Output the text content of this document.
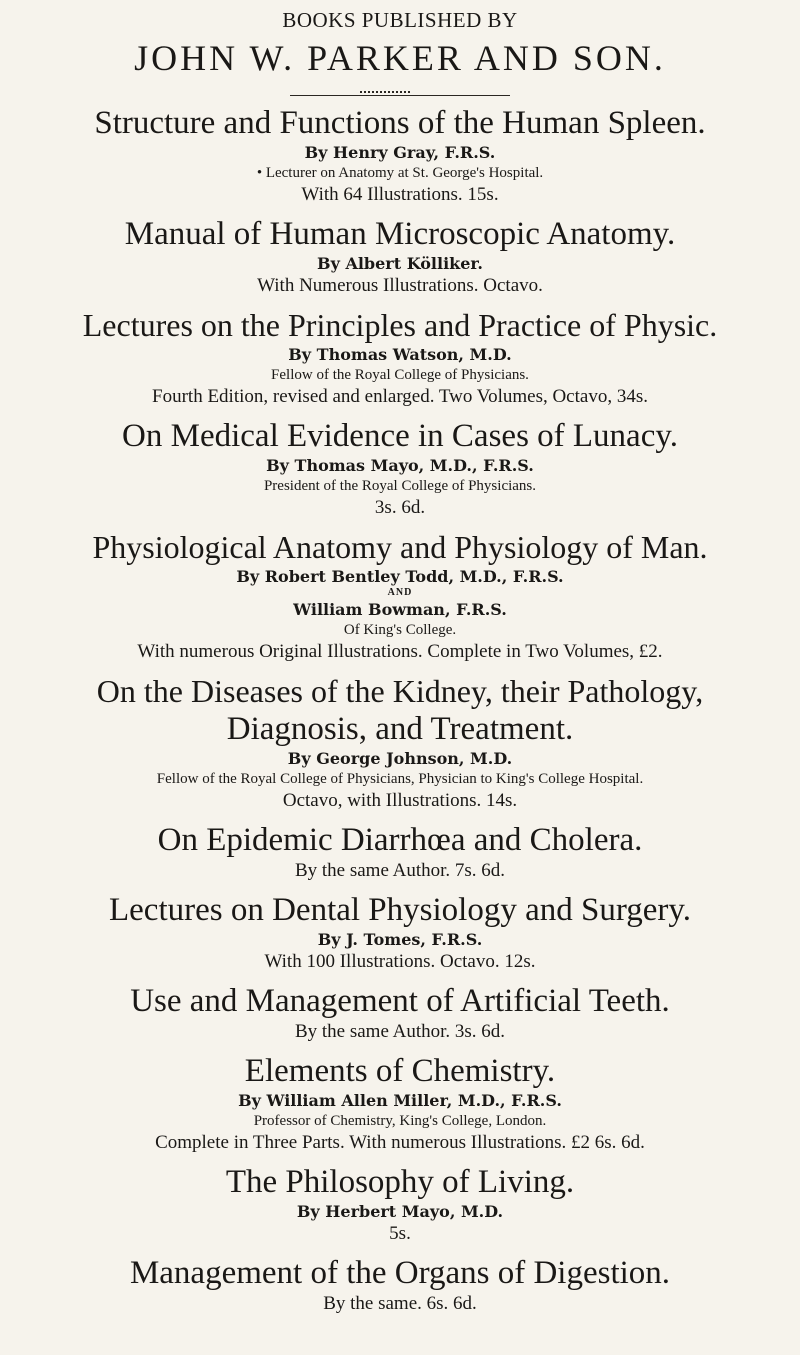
BOOKS PUBLISHED BY
JOHN W. PARKER AND SON.
Structure and Functions of the Human Spleen.
By Henry Gray, F.R.S.
• Lecturer on Anatomy at St. George's Hospital.
With 64 Illustrations. 15s.
Manual of Human Microscopic Anatomy.
By Albert Kölliker.
With Numerous Illustrations. Octavo.
Lectures on the Principles and Practice of Physic.
By Thomas Watson, M.D.
Fellow of the Royal College of Physicians.
Fourth Edition, revised and enlarged. Two Volumes, Octavo, 34s.
On Medical Evidence in Cases of Lunacy.
By Thomas Mayo, M.D., F.R.S.
President of the Royal College of Physicians.
3s. 6d.
Physiological Anatomy and Physiology of Man.
By Robert Bentley Todd, M.D., F.R.S.
AND
William Bowman, F.R.S.
Of King's College.
With numerous Original Illustrations. Complete in Two Volumes, £2.
On the Diseases of the Kidney, their Pathology,
Diagnosis, and Treatment.
By George Johnson, M.D.
Fellow of the Royal College of Physicians, Physician to King's College Hospital.
Octavo, with Illustrations. 14s.
On Epidemic Diarrhœa and Cholera.
By the same Author. 7s. 6d.
Lectures on Dental Physiology and Surgery.
By J. Tomes, F.R.S.
With 100 Illustrations. Octavo. 12s.
Use and Management of Artificial Teeth.
By the same Author. 3s. 6d.
Elements of Chemistry.
By William Allen Miller, M.D., F.R.S.
Professor of Chemistry, King's College, London.
Complete in Three Parts. With numerous Illustrations. £2 6s. 6d.
The Philosophy of Living.
By Herbert Mayo, M.D.
5s.
Management of the Organs of Digestion.
By the same. 6s. 6d.
